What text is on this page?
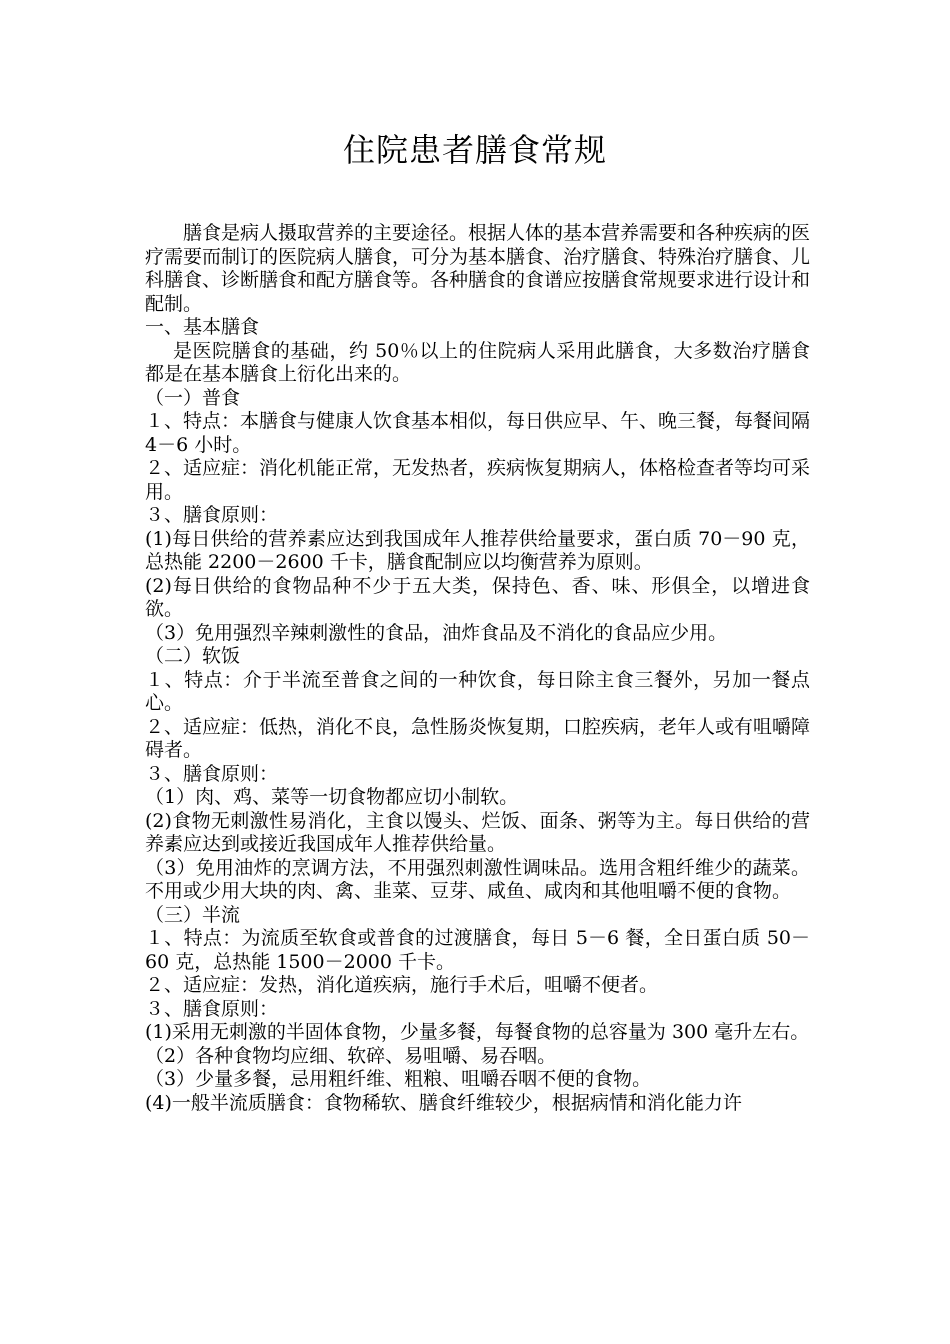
住院患者膳食常规

膳食是病人摄取营养的主要途径。根据人体的基本营养需要和各种疾病的医疗需要而制订的医院病人膳食，可分为基本膳食、治疗膳食、特殊治疗膳食、儿科膳食、诊断膳食和配方膳食等。各种膳食的食谱应按膳食常规要求进行设计和配制。

一、基本膳食

是医院膳食的基础，约 50％以上的住院病人采用此膳食，大多数治疗膳食都是在基本膳食上衍化出来的。

（一）普食

１、特点：本膳食与健康人饮食基本相似，每日供应早、午、晚三餐，每餐间隔 4－6 小时。

２、适应症：消化机能正常，无发热者，疾病恢复期病人，体格检查者等均可采用。

３、膳食原则：

(1)每日供给的营养素应达到我国成年人推荐供给量要求，蛋白质 70－90 克，总热能 2200－2600 千卡，膳食配制应以均衡营养为原则。

(2)每日供给的食物品种不少于五大类，保持色、香、味、形俱全，以增进食欲。

（3）免用强烈辛辣刺激性的食品，油炸食品及不消化的食品应少用。

（二）软饭

１、特点：介于半流至普食之间的一种饮食，每日除主食三餐外，另加一餐点心。

２、适应症：低热，消化不良，急性肠炎恢复期，口腔疾病，老年人或有咀嚼障碍者。

３、膳食原则：

（1）肉、鸡、菜等一切食物都应切小制软。

(2)食物无刺激性易消化，主食以馒头、烂饭、面条、粥等为主。每日供给的营养素应达到或接近我国成年人推荐供给量。

（3）免用油炸的烹调方法，不用强烈刺激性调味品。选用含粗纤维少的蔬菜。不用或少用大块的肉、禽、韭菜、豆芽、咸鱼、咸肉和其他咀嚼不便的食物。

（三）半流

１、特点：为流质至软食或普食的过渡膳食，每日 5－6 餐，全日蛋白质 50－60 克，总热能 1500－2000 千卡。

２、适应症：发热，消化道疾病，施行手术后，咀嚼不便者。

３、膳食原则：

(1)采用无刺激的半固体食物，少量多餐，每餐食物的总容量为 300 毫升左右。

（2）各种食物均应细、软碎、易咀嚼、易吞咽。

（3）少量多餐，忌用粗纤维、粗粮、咀嚼吞咽不便的食物。

(4)一般半流质膳食：食物稀软、膳食纤维较少，根据病情和消化能力许
